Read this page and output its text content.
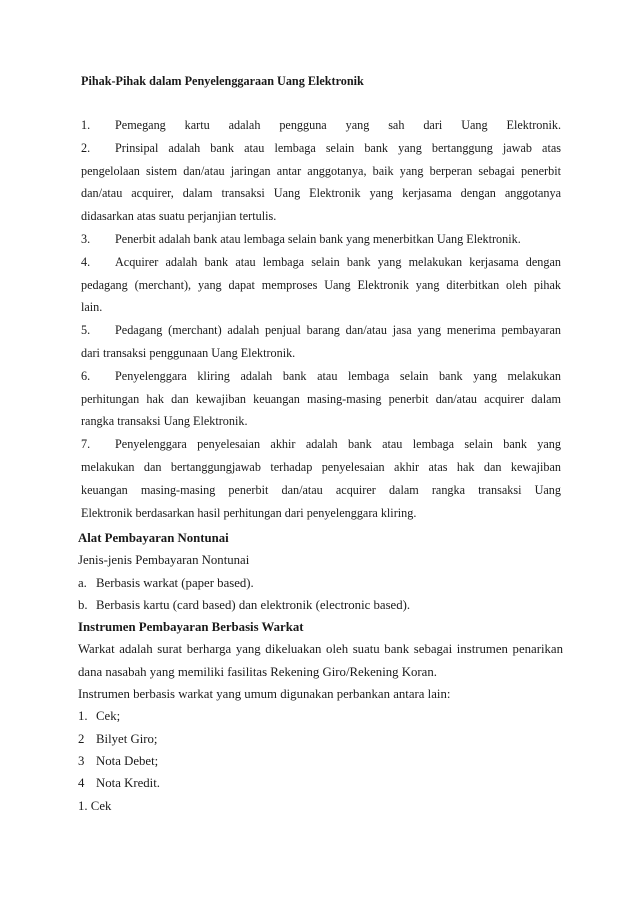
Pihak-Pihak dalam Penyelenggaraan Uang Elektronik

1. Pemegang kartu adalah pengguna yang sah dari Uang Elektronik.

2. Prinsipal adalah bank atau lembaga selain bank yang bertanggung jawab atas

pengelolaan sistem dan/atau jaringan antar anggotanya, baik yang berperan sebagai penerbit

dan/atau acquirer, dalam transaksi Uang Elektronik yang kerjasama dengan anggotanya

didasarkan atas suatu perjanjian tertulis.

3. Penerbit adalah bank atau lembaga selain bank yang menerbitkan Uang Elektronik.

4. Acquirer adalah bank atau lembaga selain bank yang melakukan kerjasama dengan

pedagang (merchant), yang dapat memproses Uang Elektronik yang diterbitkan oleh pihak

lain.

5. Pedagang (merchant) adalah penjual barang dan/atau jasa yang menerima pembayaran

dari transaksi penggunaan Uang Elektronik.

6. Penyelenggara kliring adalah bank atau lembaga selain bank yang melakukan

perhitungan hak dan kewajiban keuangan masing-masing penerbit dan/atau acquirer dalam

rangka transaksi Uang Elektronik.

7. Penyelenggara penyelesaian akhir adalah bank atau lembaga selain bank yang

melakukan dan bertanggungjawab terhadap penyelesaian akhir atas hak dan kewajiban

keuangan masing-masing penerbit dan/atau acquirer dalam rangka transaksi Uang

Elektronik berdasarkan hasil perhitungan dari penyelenggara kliring.

Alat Pembayaran Nontunai
Jenis-jenis Pembayaran Nontunai
a. Berbasis warkat (paper based).
b. Berbasis kartu (card based) dan elektronik (electronic based).
Instrumen Pembayaran Berbasis Warkat
Warkat adalah surat berharga yang dikeluakan oleh suatu bank sebagai instrumen penarikan
dana nasabah yang memiliki fasilitas Rekening Giro/Rekening Koran.
Instrumen berbasis warkat yang umum digunakan perbankan antara lain:
1. Cek;
2 Bilyet Giro;
3 Nota Debet;
4 Nota Kredit.
1. Cek
